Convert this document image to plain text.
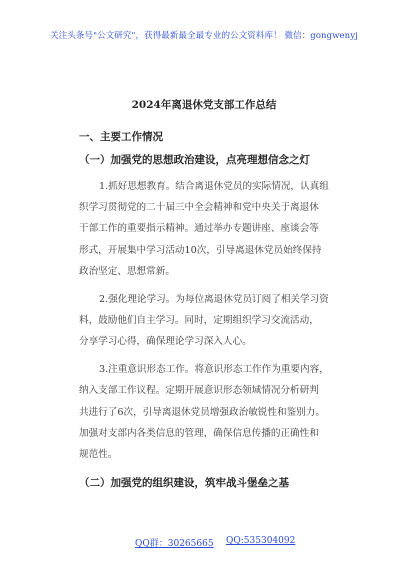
关注头条号"公文研究"，获得最新最全最专业的公文资料库！ 微信：gongwenyj
2024年离退休党支部工作总结
一、主要工作情况
（一）加强党的思想政治建设，点亮理想信念之灯
1.抓好思想教育。结合离退休党员的实际情况，认真组
织学习贯彻党的二十届三中全会精神和党中央关于离退休
干部工作的重要指示精神。通过举办专题讲座、座谈会等
形式，开展集中学习活动10次，引导离退休党员始终保持
政治坚定、思想常新。
2.强化理论学习。为每位离退休党员订阅了相关学习资
料，鼓励他们自主学习。同时，定期组织学习交流活动，
分享学习心得，确保理论学习深入人心。
3.注重意识形态工作。将意识形态工作作为重要内容，
纳入支部工作议程。定期开展意识形态领域情况分析研判
共进行了6次，引导离退休党员增强政治敏锐性和鉴别力。
加强对支部内各类信息的管理，确保信息传播的正确性和
规范性。
（二）加强党的组织建设，筑牢战斗堡垒之基
QQ群：30265665 QQ:535304092
